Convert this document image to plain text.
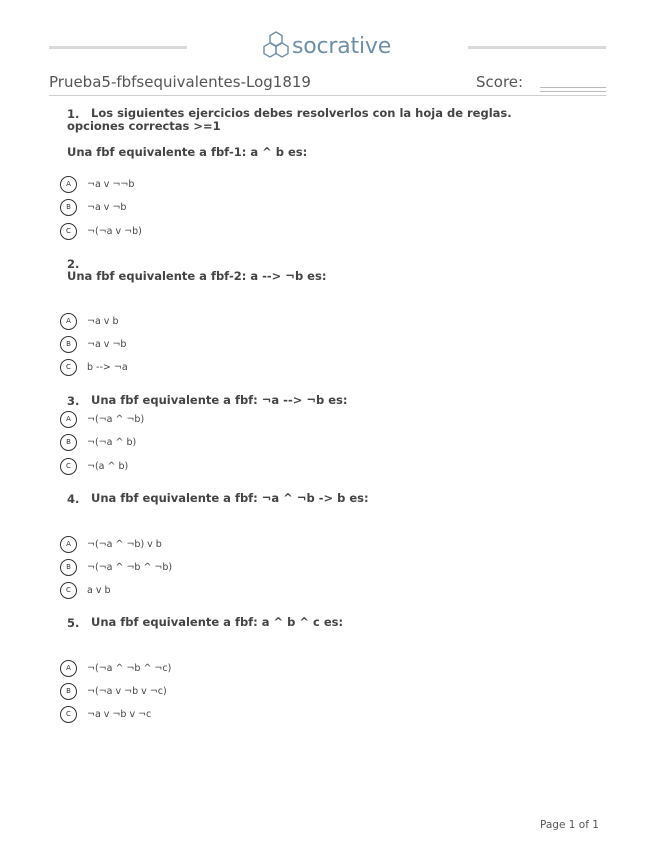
socrative
Prueba5-fbfsequivalentes-Log1819	Score:
1.	Los siguientes ejercicios debes resolverlos con la hoja de reglas. opciones correctas >=1
Una fbf equivalente a fbf-1: a ^ b es:
A	¬a v ¬¬b
B	¬a v ¬b
C	¬(¬a v ¬b)
2.
Una fbf equivalente a fbf-2: a --> ¬b es:
A	¬a v b
B	¬a v ¬b
C	b --> ¬a
3. Una fbf equivalente a fbf: ¬a --> ¬b es:
A	¬(¬a ^ ¬b)
B	¬(¬a ^ b)
C	¬(a ^ b)
4. Una fbf equivalente a fbf: ¬a ^ ¬b -> b es:
A	¬(¬a ^ ¬b) v b
B	¬(¬a ^ ¬b ^ ¬b)
C	a v b
5. Una fbf equivalente a fbf: a ^ b ^ c es:
A	¬(¬a ^ ¬b ^ ¬c)
B	¬(¬a v ¬b v ¬c)
C	¬a v ¬b v ¬c
Page 1 of 1
